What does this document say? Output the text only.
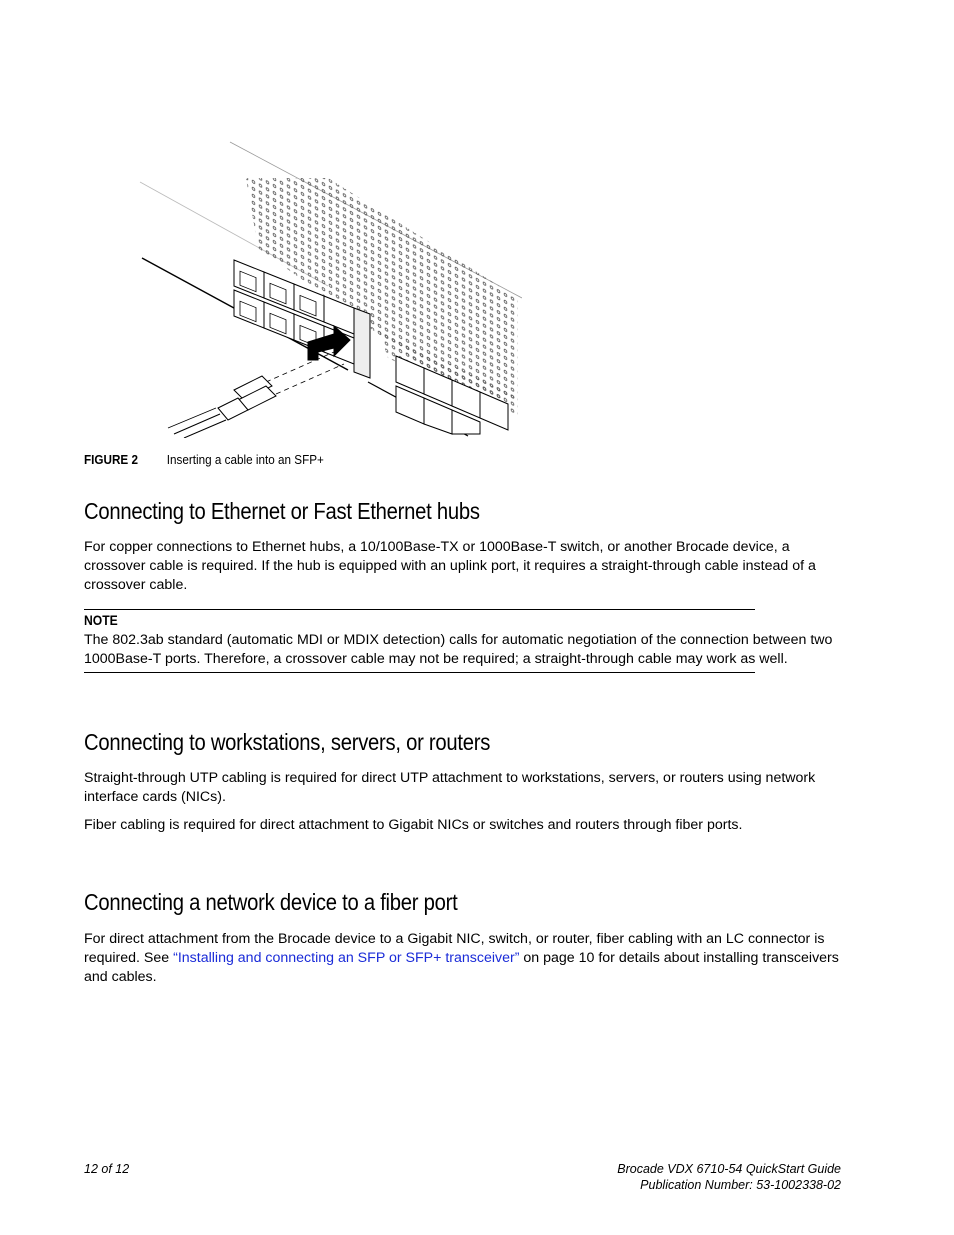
FIGURE 2 Inserting a cable into an SFP+
Connecting to Ethernet or Fast Ethernet hubs

For copper connections to Ethernet hubs, a 10/100Base-TX or 1000Base-T switch, or another Brocade device, a crossover cable is required. If the hub is equipped with an uplink port, it requires a straight-through cable instead of a crossover cable.

NOTE

The 802.3ab standard (automatic MDI or MDIX detection) calls for automatic negotiation of the connection between two 1000Base-T ports. Therefore, a crossover cable may not be required; a straight-through cable may work as well.

Connecting to workstations, servers, or routers

Straight-through UTP cabling is required for direct UTP attachment to workstations, servers, or routers using network interface cards (NICs).

Fiber cabling is required for direct attachment to Gigabit NICs or switches and routers through fiber ports.

Connecting a network device to a fiber port

For direct attachment from the Brocade device to a Gigabit NIC, switch, or router, fiber cabling with an LC connector is required. See “Installing and connecting an SFP or SFP+ transceiver” on page 10 for details about installing transceivers and cables.

12 of 12	Brocade VDX 6710-54 QuickStart Guide
Publication Number: 53-1002338-02
